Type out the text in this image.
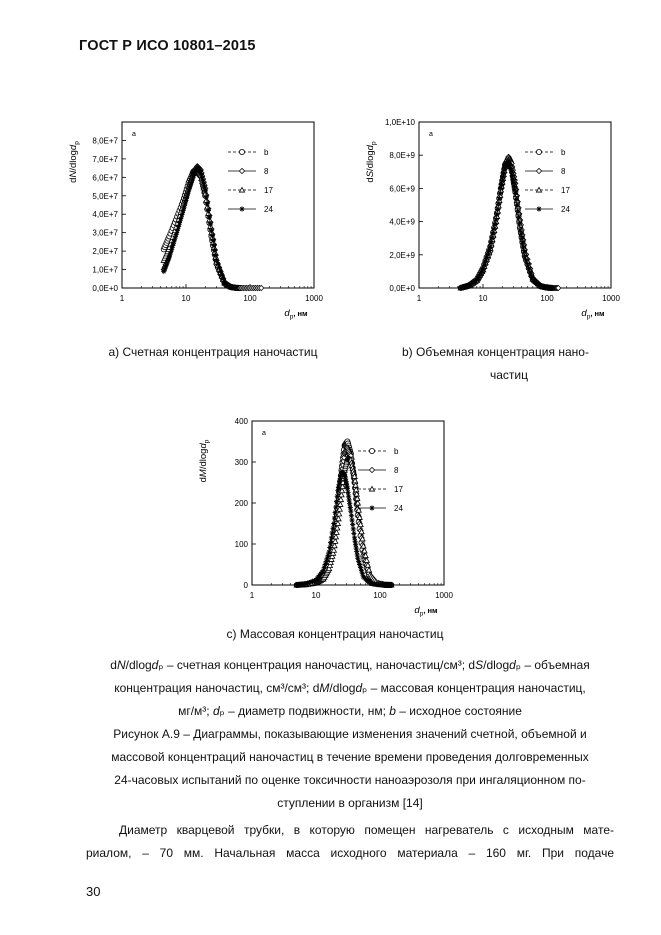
ГОСТ Р ИСО 10801–2015
1	10	100	1000
0,0E+0
1,0E+7
2,0E+7
3,0E+7
4,0E+7
5,0E+7
6,0E+7
7,0E+7
8,0E+7
dN/dlogd$_p$
$d_p^{, нм}$
a
b
8
17
24
1	10	100	1000
0,0E+0
2,0E+9
4,0E+9
6,0E+9
8,0E+9
1,0E+10
dS/dlogd$_p$
$d_p^{, нм}$
a
b
8
17
24
а) Счетная концентрация наночастиц	b) Объемная концентрация нано-
частиц
1	10	100	1000
0
100
200
300
400
dM/dlogd$_p$
$d_p^{, нм}$
a
b
8
17
24
с) Массовая концентрация наночастиц
dN/dlogdₚ – счетная концентрация наночастиц, наночастиц/см³; dS/dlogdₚ – объемная
концентрация наночастиц, см³/см³; dM/dlogdₚ – массовая концентрация наночастиц,
мг/м³; dₚ – диаметр подвижности, нм; b – исходное состояние
Рисунок А.9 – Диаграммы, показывающие изменения значений счетной, объемной и
массовой концентраций наночастиц в течение времени проведения долговременных
24-часовых испытаний по оценке токсичности наноаэрозоля при ингаляционном по-
ступлении в организм [14]
Диаметр кварцевой трубки, в которую помещен нагреватель с исходным мате-
риалом, – 70 мм. Начальная масса исходного материала – 160 мг. При подаче
30
